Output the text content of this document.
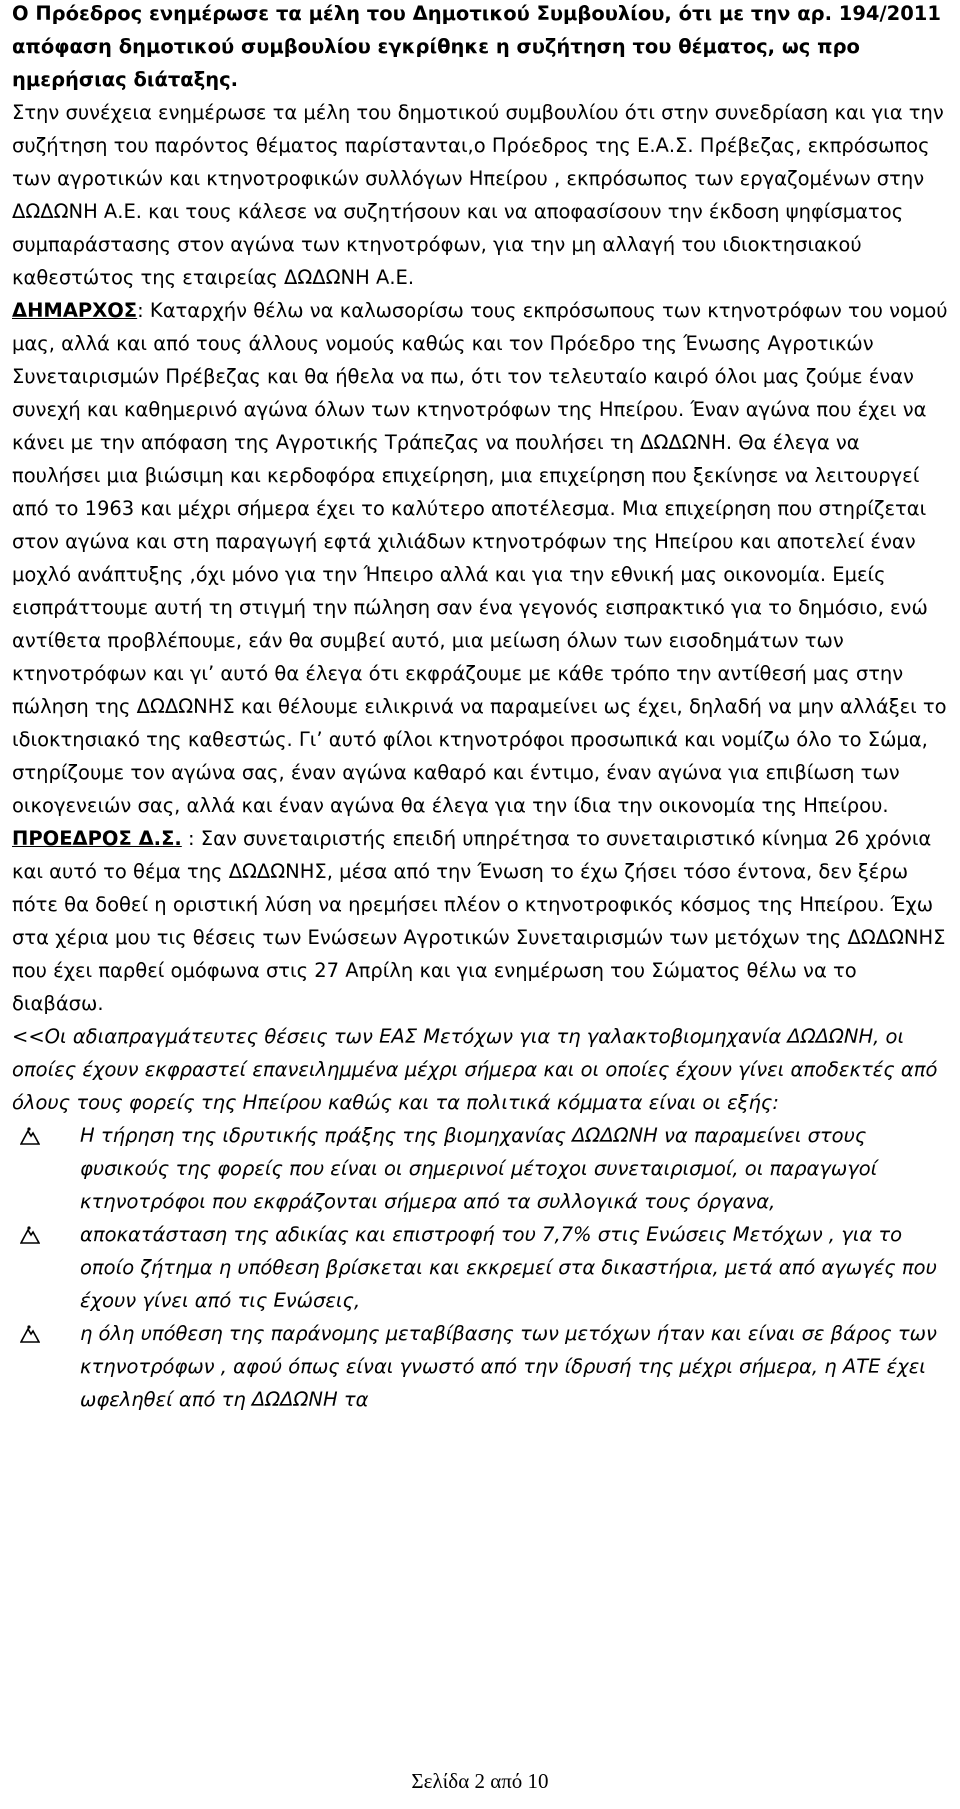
Ο Πρόεδρος ενημέρωσε τα μέλη του Δημοτικού Συμβουλίου, ότι με την αρ. 194/2011 απόφαση δημοτικού συμβουλίου εγκρίθηκε η συζήτηση του θέματος, ως προ ημερήσιας διάταξης.

Στην συνέχεια ενημέρωσε τα μέλη του δημοτικού συμβουλίου ότι στην συνεδρίαση και για την συζήτηση του παρόντος θέματος παρίστανται,ο Πρόεδρος της Ε.Α.Σ. Πρέβεζας, εκπρόσωπος των αγροτικών και κτηνοτροφικών συλλόγων Ηπείρου , εκπρόσωπος των εργαζομένων στην ΔΩΔΩΝΗ Α.Ε. και τους κάλεσε να συζητήσουν και να αποφασίσουν την έκδοση ψηφίσματος συμπαράστασης στον αγώνα των κτηνοτρόφων, για την μη αλλαγή του ιδιοκτησιακού καθεστώτος της εταιρείας ΔΩΔΩΝΗ Α.Ε.

ΔΗΜΑΡΧΟΣ: Καταρχήν θέλω να καλωσορίσω τους εκπρόσωπους των κτηνοτρόφων του νομού μας, αλλά και από τους άλλους νομούς καθώς και τον Πρόεδρο της Ένωσης Αγροτικών Συνεταιρισμών Πρέβεζας και θα ήθελα να πω, ότι τον τελευταίο καιρό όλοι μας ζούμε έναν συνεχή και καθημερινό αγώνα όλων των κτηνοτρόφων της Ηπείρου. Έναν αγώνα που έχει να κάνει με την απόφαση της Αγροτικής Τράπεζας να πουλήσει τη ΔΩΔΩΝΗ. Θα έλεγα να πουλήσει μια βιώσιμη και κερδοφόρα επιχείρηση, μια επιχείρηση που ξεκίνησε να λειτουργεί από το 1963 και μέχρι σήμερα έχει το καλύτερο αποτέλεσμα. Μια επιχείρηση που στηρίζεται στον αγώνα και στη παραγωγή εφτά χιλιάδων κτηνοτρόφων της Ηπείρου και αποτελεί έναν μοχλό ανάπτυξης ,όχι μόνο για την Ήπειρο αλλά και για την εθνική μας οικονομία. Εμείς εισπράττουμε αυτή τη στιγμή την πώληση σαν ένα γεγονός εισπρακτικό για το δημόσιο, ενώ αντίθετα προβλέπουμε, εάν θα συμβεί αυτό, μια μείωση όλων των εισοδημάτων των κτηνοτρόφων και γι’ αυτό θα έλεγα ότι εκφράζουμε με κάθε τρόπο την αντίθεσή μας στην πώληση της ΔΩΔΩΝΗΣ και θέλουμε ειλικρινά να παραμείνει ως έχει, δηλαδή να μην αλλάξει το ιδιοκτησιακό της καθεστώς. Γι’ αυτό φίλοι κτηνοτρόφοι προσωπικά και νομίζω όλο το Σώμα, στηρίζουμε τον αγώνα σας, έναν αγώνα καθαρό και έντιμο, έναν αγώνα για επιβίωση των οικογενειών σας, αλλά και έναν αγώνα θα έλεγα για την ίδια την οικονομία της Ηπείρου.

ΠΡΟΕΔΡΟΣ Δ.Σ. : Σαν συνεταιριστής επειδή υπηρέτησα το συνεταιριστικό κίνημα 26 χρόνια και αυτό το θέμα της ΔΩΔΩΝΗΣ, μέσα από την Ένωση το έχω ζήσει τόσο έντονα, δεν ξέρω πότε θα δοθεί η οριστική λύση να ηρεμήσει πλέον ο κτηνοτροφικός κόσμος της Ηπείρου. Έχω στα χέρια μου τις θέσεις των Ενώσεων Αγροτικών Συνεταιρισμών των μετόχων της ΔΩΔΩΝΗΣ που έχει παρθεί ομόφωνα στις 27 Απρίλη και για ενημέρωση του Σώματος θέλω να το διαβάσω.

<<Οι αδιαπραγμάτευτες θέσεις των ΕΑΣ Μετόχων για τη γαλακτοβιομηχανία ΔΩΔΩΝΗ, οι οποίες έχουν εκφραστεί επανειλημμένα μέχρι σήμερα και οι οποίες έχουν γίνει αποδεκτές από όλους τους φορείς της Ηπείρου καθώς και τα πολιτικά κόμματα είναι οι εξής:

Η τήρηση της ιδρυτικής πράξης της βιομηχανίας ΔΩΔΩΝΗ να παραμείνει στους φυσικούς της φορείς που είναι οι σημερινοί μέτοχοι συνεταιρισμοί, οι παραγωγοί κτηνοτρόφοι που εκφράζονται σήμερα από τα συλλογικά τους όργανα,
αποκατάσταση της αδικίας και επιστροφή του 7,7% στις Ενώσεις Μετόχων , για το οποίο ζήτημα η υπόθεση βρίσκεται και εκκρεμεί στα δικαστήρια, μετά από αγωγές που έχουν γίνει από τις Ενώσεις,
η όλη υπόθεση της παράνομης μεταβίβασης των μετόχων ήταν και είναι σε βάρος των κτηνοτρόφων , αφού όπως είναι γνωστό από την ίδρυσή της μέχρι σήμερα, η ΑΤΕ έχει ωφεληθεί από τη ΔΩΔΩΝΗ τα
Σελίδα 2 από 10
